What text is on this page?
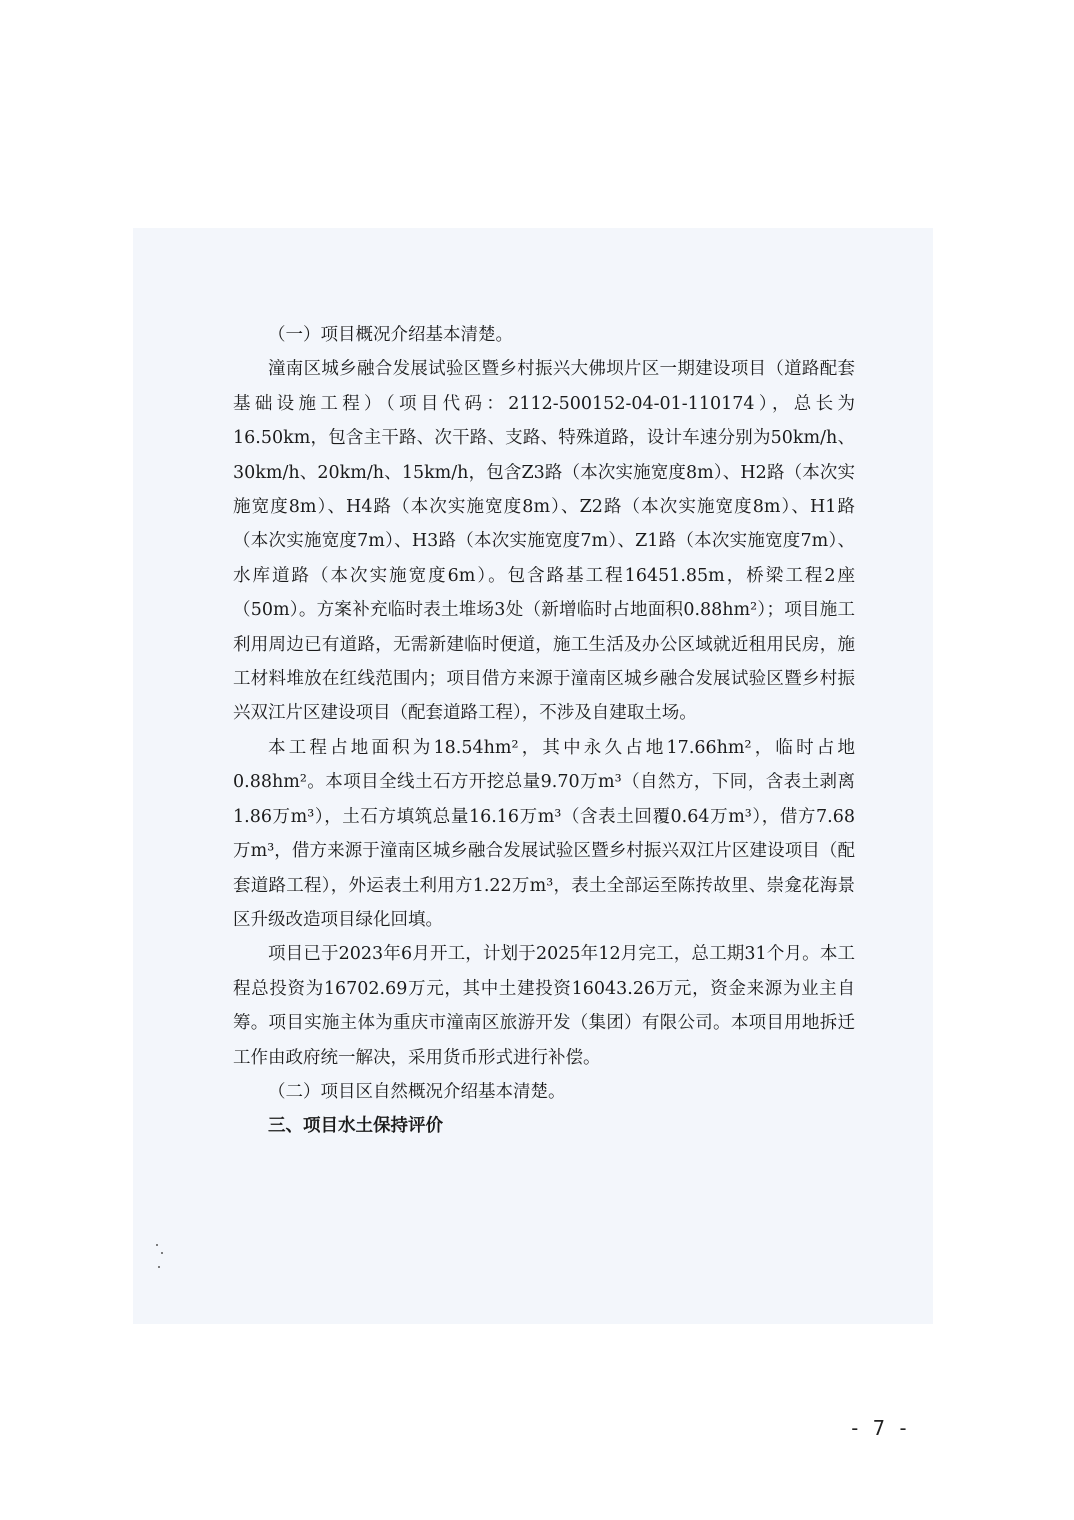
（一）项目概况介绍基本清楚。

潼南区城乡融合发展试验区暨乡村振兴大佛坝片区一期建设项目（道路配套基础设施工程）（项目代码：2112-500152-04-01-110174），总长为16.50km，包含主干路、次干路、支路、特殊道路，设计车速分别为50km/h、30km/h、20km/h、15km/h，包含Z3路（本次实施宽度8m）、H2路（本次实施宽度8m）、H4路（本次实施宽度8m）、Z2路（本次实施宽度8m）、H1路（本次实施宽度7m）、H3路（本次实施宽度7m）、Z1路（本次实施宽度7m）、水库道路（本次实施宽度6m）。包含路基工程16451.85m，桥梁工程2座（50m）。方案补充临时表土堆场3处（新增临时占地面积0.88hm²）；项目施工利用周边已有道路，无需新建临时便道，施工生活及办公区域就近租用民房，施工材料堆放在红线范围内；项目借方来源于潼南区城乡融合发展试验区暨乡村振兴双江片区建设项目（配套道路工程），不涉及自建取土场。

本工程占地面积为18.54hm²，其中永久占地17.66hm²，临时占地0.88hm²。本项目全线土石方开挖总量9.70万m³（自然方，下同，含表土剥离1.86万m³），土石方填筑总量16.16万m³（含表土回覆0.64万m³），借方7.68万m³，借方来源于潼南区城乡融合发展试验区暨乡村振兴双江片区建设项目（配套道路工程），外运表土利用方1.22万m³，表土全部运至陈抟故里、崇龛花海景区升级改造项目绿化回填。

项目已于2023年6月开工，计划于2025年12月完工，总工期31个月。本工程总投资为16702.69万元，其中土建投资16043.26万元，资金来源为业主自筹。项目实施主体为重庆市潼南区旅游开发（集团）有限公司。本项目用地拆迁工作由政府统一解决，采用货币形式进行补偿。

（二）项目区自然概况介绍基本清楚。

三、项目水土保持评价

- 7 -
